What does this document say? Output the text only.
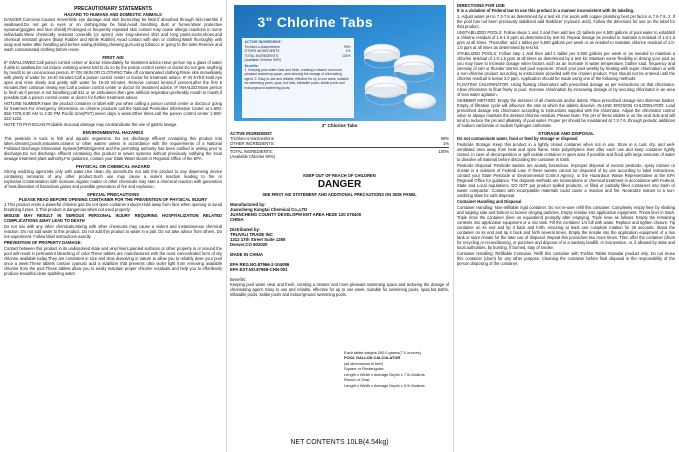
PRECAUTIONARY STATEMENTS
HAZARD TO HUMANS AND DOMESTIC ANIMALS

DANGER:Corrosive.Causes irreversible eye damage and skin burns.May be fatal if absorbed through skin.Harmful if swallowed.Do not get in eyes or on clothing.May be fatal.Avoid breathing dust or fumes.Wear protective eyewear(goggles and face shield).Prolonged or frequently repeated skin contact may cause allergic reactions in some individuals.Wear chemically resistant coveralls (or apron) over long-sleeved shirt and long pants,socks,shoes,and chemical resistant gloves (Butyl Rubber and Nitrile Rubber).Avoid contact with skin or clothing.Wash thoroughly with soap and water after handling and before eating,drinking,chewing gum,using tobacco or going to the toilet.Remove and wash contaminated clothing before reuse.

FIRST AID

IF SWALLOWED:Call poison control center or doctor immediately for treatment advice.Have person sip a glass of water if able to swallow.Do not induce vomiting unless told to do so by the poison control center or doctor.Do not give anything by mouth to an unconscious person. IF ON SKIN OR CLOTHING:Take off contaminated clothing.Rinse skin immediately with plenty of water for 15-20 minutes.Call a poison control center or doctor for treatment advice. IF IN EYES:Hold eye open and rinse slowly and gently with water for 15-20 minutes. Remove contact lenses,if present,after the first 5 minutes,then continue rinsing eye.Call a poison control center or doctor for treatment advice. IF INHALED:Move person to fresh air.If person is not breathing,call 911 or an ambulance,then give artificial respiration,preferably mouth to mouth,if possible.Call a poison control center or doctor for further treatment advice.

HOTLINE NUMBER:Have the product container or label with you when calling a poison control center or doctor,or going for treatment.For emergency information on chlorine products call the National Pesticides Information Center at 1-800-858-7378,8:30 AM to 4:30 PM Pacific time(PST),seven days a week.Other times,call the poison control center 1-800-222-1222.

NOTE TO PHYSICIAN:Probable mucosal damage may contraindicate the use of gastric lavage.

ENVIRONMENTAL HAZARDS

This pesticide is toxic to fish and aquatic organisms. Do not discharge effluent containing this product into lakes,streams,ponds,estuaries,oceans or other waters unless in accordance with the requirements of a National Pollutant Discharge Elimination System(NPDES)permit and the permitting authority has been notified in writing prior to discharge.Do not discharge effluent containing this product to sewer systems without previously notifying the local sewage treatment plant authority.For guidance, contact your State Water Board or Regional Office of the EPA.

PHYSICAL OR CHEMICAL HAZARD

Strong oxidizing agent.Mix only with water.Use clean dry utensils.Do not add this product to any dispensing device containing remnants of any other product.Such use may cause a violent reaction leading to fire or explosion.Contamination with moisture,organic matter or other chemicals may start a chemical reaction with generation of heat,liberation of hazardous gases and possible generation of fire and explosion.

SPECIAL PRECAUTIONS
PLEASE READ BEFORE OPENING CONTAINER FOR THE PREVENTION OF PHYSICAL INJURY

1.This product emits a powerful chlorine gas.Do not open container indoors:Hold away from face when opening to avoid breathing fumes. 2.This product is dangerous when not used properly:

MISUSE MAY RESULT IN SERIOUS PERSONAL INJURY REQUIRING HOSPITALIZATION RELATED COMPLICATIONS &MAY LEAD TO DEATH

Do not mix with any other chemicals.Mixing with other chemicals may cause a violent and instantaneous chemical reaction. Do not add water to this product. Do not add this product to water in a pail. Do not take advice from others. Do not experiment. Follow label instructions exactly.

PREVENTION OF PROPERTY DAMAGE:

Contact between this product in its undissolved state and vinyl liners,painted surfaces or other property in or around the pool will result in permanent bleaching of color.These tablets are manufactured with the most concentrated form of dry chlorine available today.They are consistent in size and slow dissolving in nature to allow you to reliably dose your pool once a week.These tablets contain cyanuric acid a stabilizer that prevents ultra violet light from removing available chlorine from the pool.These tablets allow you to easily maintain proper chlorine residuals and help you to effortlessly produce beautiful,clean sparkling water.

3" Chlorine Tabs
ACTIVE INGREDIENT:
Trichloro-s-triazinetrione	99%
OTHER INGREDIENTS	1%
TOTAL INGREDIENTS	100%
(Available Chlorine 90%)
Benefits:
1. Keeping pool water clear and fresh, creating a cleaner and more pleasant swimming space, and reducing the dosage of chlorinating agent. 2. Easy to use and reliable, effective for up to one week, suitable for swimming pools, spas, hot tubs, inflatable pools, kiddie pools and indoor/ground swimming pools.
3" Chlorine Tabs
ACTIVE INGREDIENT:
Trichloro-s-triazinetrione	99%
OTHER INGREDIENTS:	1%
TOTAL INGREDIENTS:	100%
(Available Chlorine 90%)
KEEP OUT OF REACH OF CHILDREN
DANGER
SEE FIRST AID STATEMENT AND ADDITIONAL PRECAUTIONS ON SIDE PANEL
Manufactured by:
Juancheng Kangtai Chemical Co.,LTD
JUANCHENG COUNTY DEVELOPM ENT AREA HEZE 120 276400
CHINA
Distributed by:
TRUVALI TRADE INC
1312 17th Street Suite 1265
Denver,CO 802020
MADE IN CHINA
EPA REG.NO.87966-2-104086
EPA EST.NO.87966-CHN-001
Benefits:

Keeping pool water clear and fresh, creating a cleaner and more pleasant swimming space,and reducing the dosage of chlorinating agent. Easy to use and reliable, effective for up to one week, suitable for swimming pools, spas,hot baths, inflatable pools, kiddie pools and indoor/ground swimming pools.

Each tablet weighs 200.0 grams(7.0 ounces).
POOL GALLON CALCULATOR
(all dimensions in feet)
Square or Rectangular:
Length x Width x Average Depth x 7.5=Gallons
Round or Oval:
Length x Width x Average Depth x 5.9=Gallons
NET CONTENTS 10LB(4.54kg)
DIRECTIONS FOR USE

It is a violation of Federal law to use this product in a manner inconsistent with its labeling.

1. Adjust water pH to 7.2-7.6 as determined by a test kit. For pools with copper plumbing best pH factor is 7.6-7.8. 2. If the pool has not been previously stabilized add Stabilizer (cyanuric acid). Follow the directions for use on the label for that product.

UNSTABILIZED POOLS: Follow steps 1 and 2 and then add two (2) tablets per 6,500 gallons of pool water to establish a chlorine residual of 1.0-1.5 ppm as determined by test kit. Repeat dosage as needed to maintain a residual of 1.0-1.5 ppm at all times. Thereafter, add 1 tablet per 6,500 gallons per week or as needed to maintain chlorine residual of 1.0-1.5 ppm at all times as determined by test kit.

STABILIZED POOLS: Follow step 1 and then add 1 tablet per 6,500 gallons per week or as needed to maintain a chlorine residual of 1.0-1.5 ppm at all times as determined by a test kit. Maintain some flexibility in dosing your pool as you may have to increase dosage when factors such as an increase in water temperature, bather load, frequency and intensity of rain or thunder storms and pool exposure. Shock your pool weekly by treating with super chlorination or with a non-chlorine product according to instructions provided with the chosen product. Pool should not be entered until the chlorine residual is below 3.0 ppm. Application should be made using one of the following methods:

FLOATING CHLORINATOR: Using floating chlorinators with prescribed dosage as per instructions on that chlorinator. Allow chlorinator to float freely in pool. Increase chlorination by increasing dosage or by securing chlorinator in an area of less water agitation.

SKIMMER METHOD: Empty the skimmer of all chemicals and/or debris. Place prescribed dosage into skimmer basket. Empty of filtration cycle will influence the rate at which the tablets dissolve. IN-LINE EROSION CHLORINATOR: Load prescribed dosage into chlorinator according to instructions supplied with the chlorinator. Adjust the chlorinator control valve to always maintain the desired chlorine residual. Please Note: The pH of these tablets is on the acid side and will tend to reduce the pH and alkalinity of pool water. Proper pH should be maintained at 7.2-7.6, through periodic additions of sodium carbonate or sodium hydrogen carbonate.

STORAGE AND DISPOSAL

Do not contaminate water, food or feed by storage or disposal

Pesticide Storage: Keep this product in a tightly closed container when not in use. Store in a cool, dry, and well-ventilated area away from heat and open flame. Note polyethylene liner after each use and keep container tightly closed. In case of decomposition or spill isolate container in open area if possible and flood with large amounts of water to dissolve all material before discarding the container in trash.

Pesticide Disposal: Pesticide wastes are acutely hazardous. Improper disposal of excess pesticide, spray mixture or rinsate is a violation of Federal Law. If these wastes cannot be disposed of by use according to label instructions, contact your State Pesticide or Environmental Control Agency, or the Hazardous Waste Representative at the EPA Regional Office for guidance. The disposal methods are incinerations or chemical treatment in accordance with Federal, State and Local regulations. DO NOT put product spilled products, or filled or partially filled containers into trash or waste compactor. Contact with incompatible materials could cause a reaction and fire. Neutralize mature to a non-oxidizing state for safe disposal.

Container Handling and Disposal

Container Handling: Non-refillable rigid container. Do not re-user refill this container. Completely empty liner by shaking and tapping side and bottom to loosen clinging particles. Empty residue into application equipment. Throw liner in trash. Triple rinse the container (liner on equivalent) promptly after emptying. Triple rinse as follows: Empty the remaining contents into application equipment or a mix tank. Fill the container 1/4 full with water. Replace and tighten closure. Tip container on its end and tip it back and forth, ensuring at least one complete rotation for 30 seconds. Stand the container on its end and tip it back and forth several times. Empty the rinsate into the application equipment of a mix tank or store rinsate for the later use of disposal. Repeat this procedure two more times. Then offer the container (drum for recycling or reconditioning, or puncture and dispose of in a sanitary landfill, or incineration, or, if allowed by state and local authorities, by burning. If burned, stay of smoke.

Container Handling: Refillable Container. Refill this container with Trichlor Tablet Granular product only. Do not reuse this container (drum) for any other purpose. Cleaning the container before final disposal is the responsibility of the person disposing of the container.
